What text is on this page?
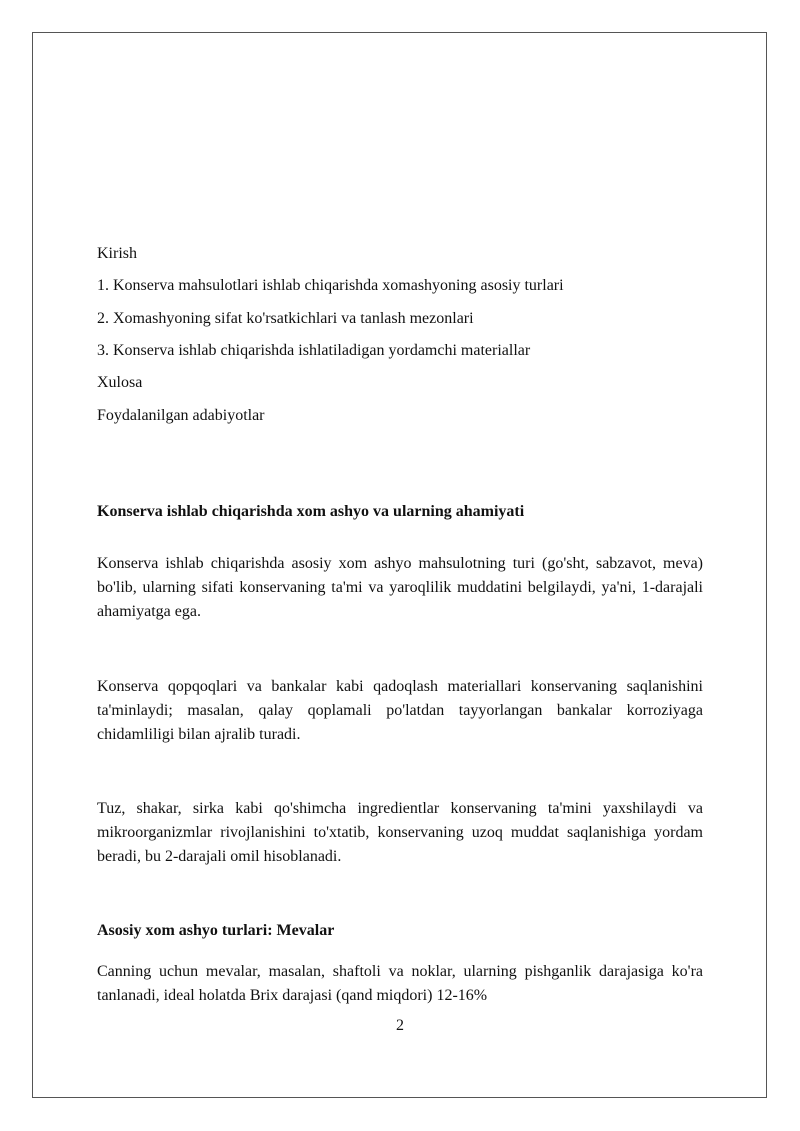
Kirish
1. Konserva mahsulotlari ishlab chiqarishda xomashyoning asosiy turlari
2. Xomashyoning sifat ko'rsatkichlari va tanlash mezonlari
3. Konserva ishlab chiqarishda ishlatiladigan yordamchi materiallar
Xulosa
Foydalanilgan adabiyotlar
Konserva ishlab chiqarishda xom ashyo va ularning ahamiyati
Konserva ishlab chiqarishda asosiy xom ashyo mahsulotning turi (go'sht, sabzavot, meva) bo'lib, ularning sifati konservaning ta'mi va yaroqlilik muddatini belgilaydi, ya'ni, 1-darajali ahamiyatga ega.
Konserva qopqoqlari va bankalar kabi qadoqlash materiallari konservaning saqlanishini ta'minlaydi; masalan, qalay qoplamali po'latdan tayyorlangan bankalar korroziyaga chidamliligi bilan ajralib turadi.
Tuz, shakar, sirka kabi qo'shimcha ingredientlar konservaning ta'mini yaxshilaydi va mikroorganizmlar rivojlanishini to'xtatib, konservaning uzoq muddat saqlanishiga yordam beradi, bu 2-darajali omil hisoblanadi.
Asosiy xom ashyo turlari: Mevalar
Canning uchun mevalar, masalan, shaftoli va noklar, ularning pishganlik darajasiga ko'ra tanlanadi, ideal holatda Brix darajasi (qand miqdori) 12-16%
2
